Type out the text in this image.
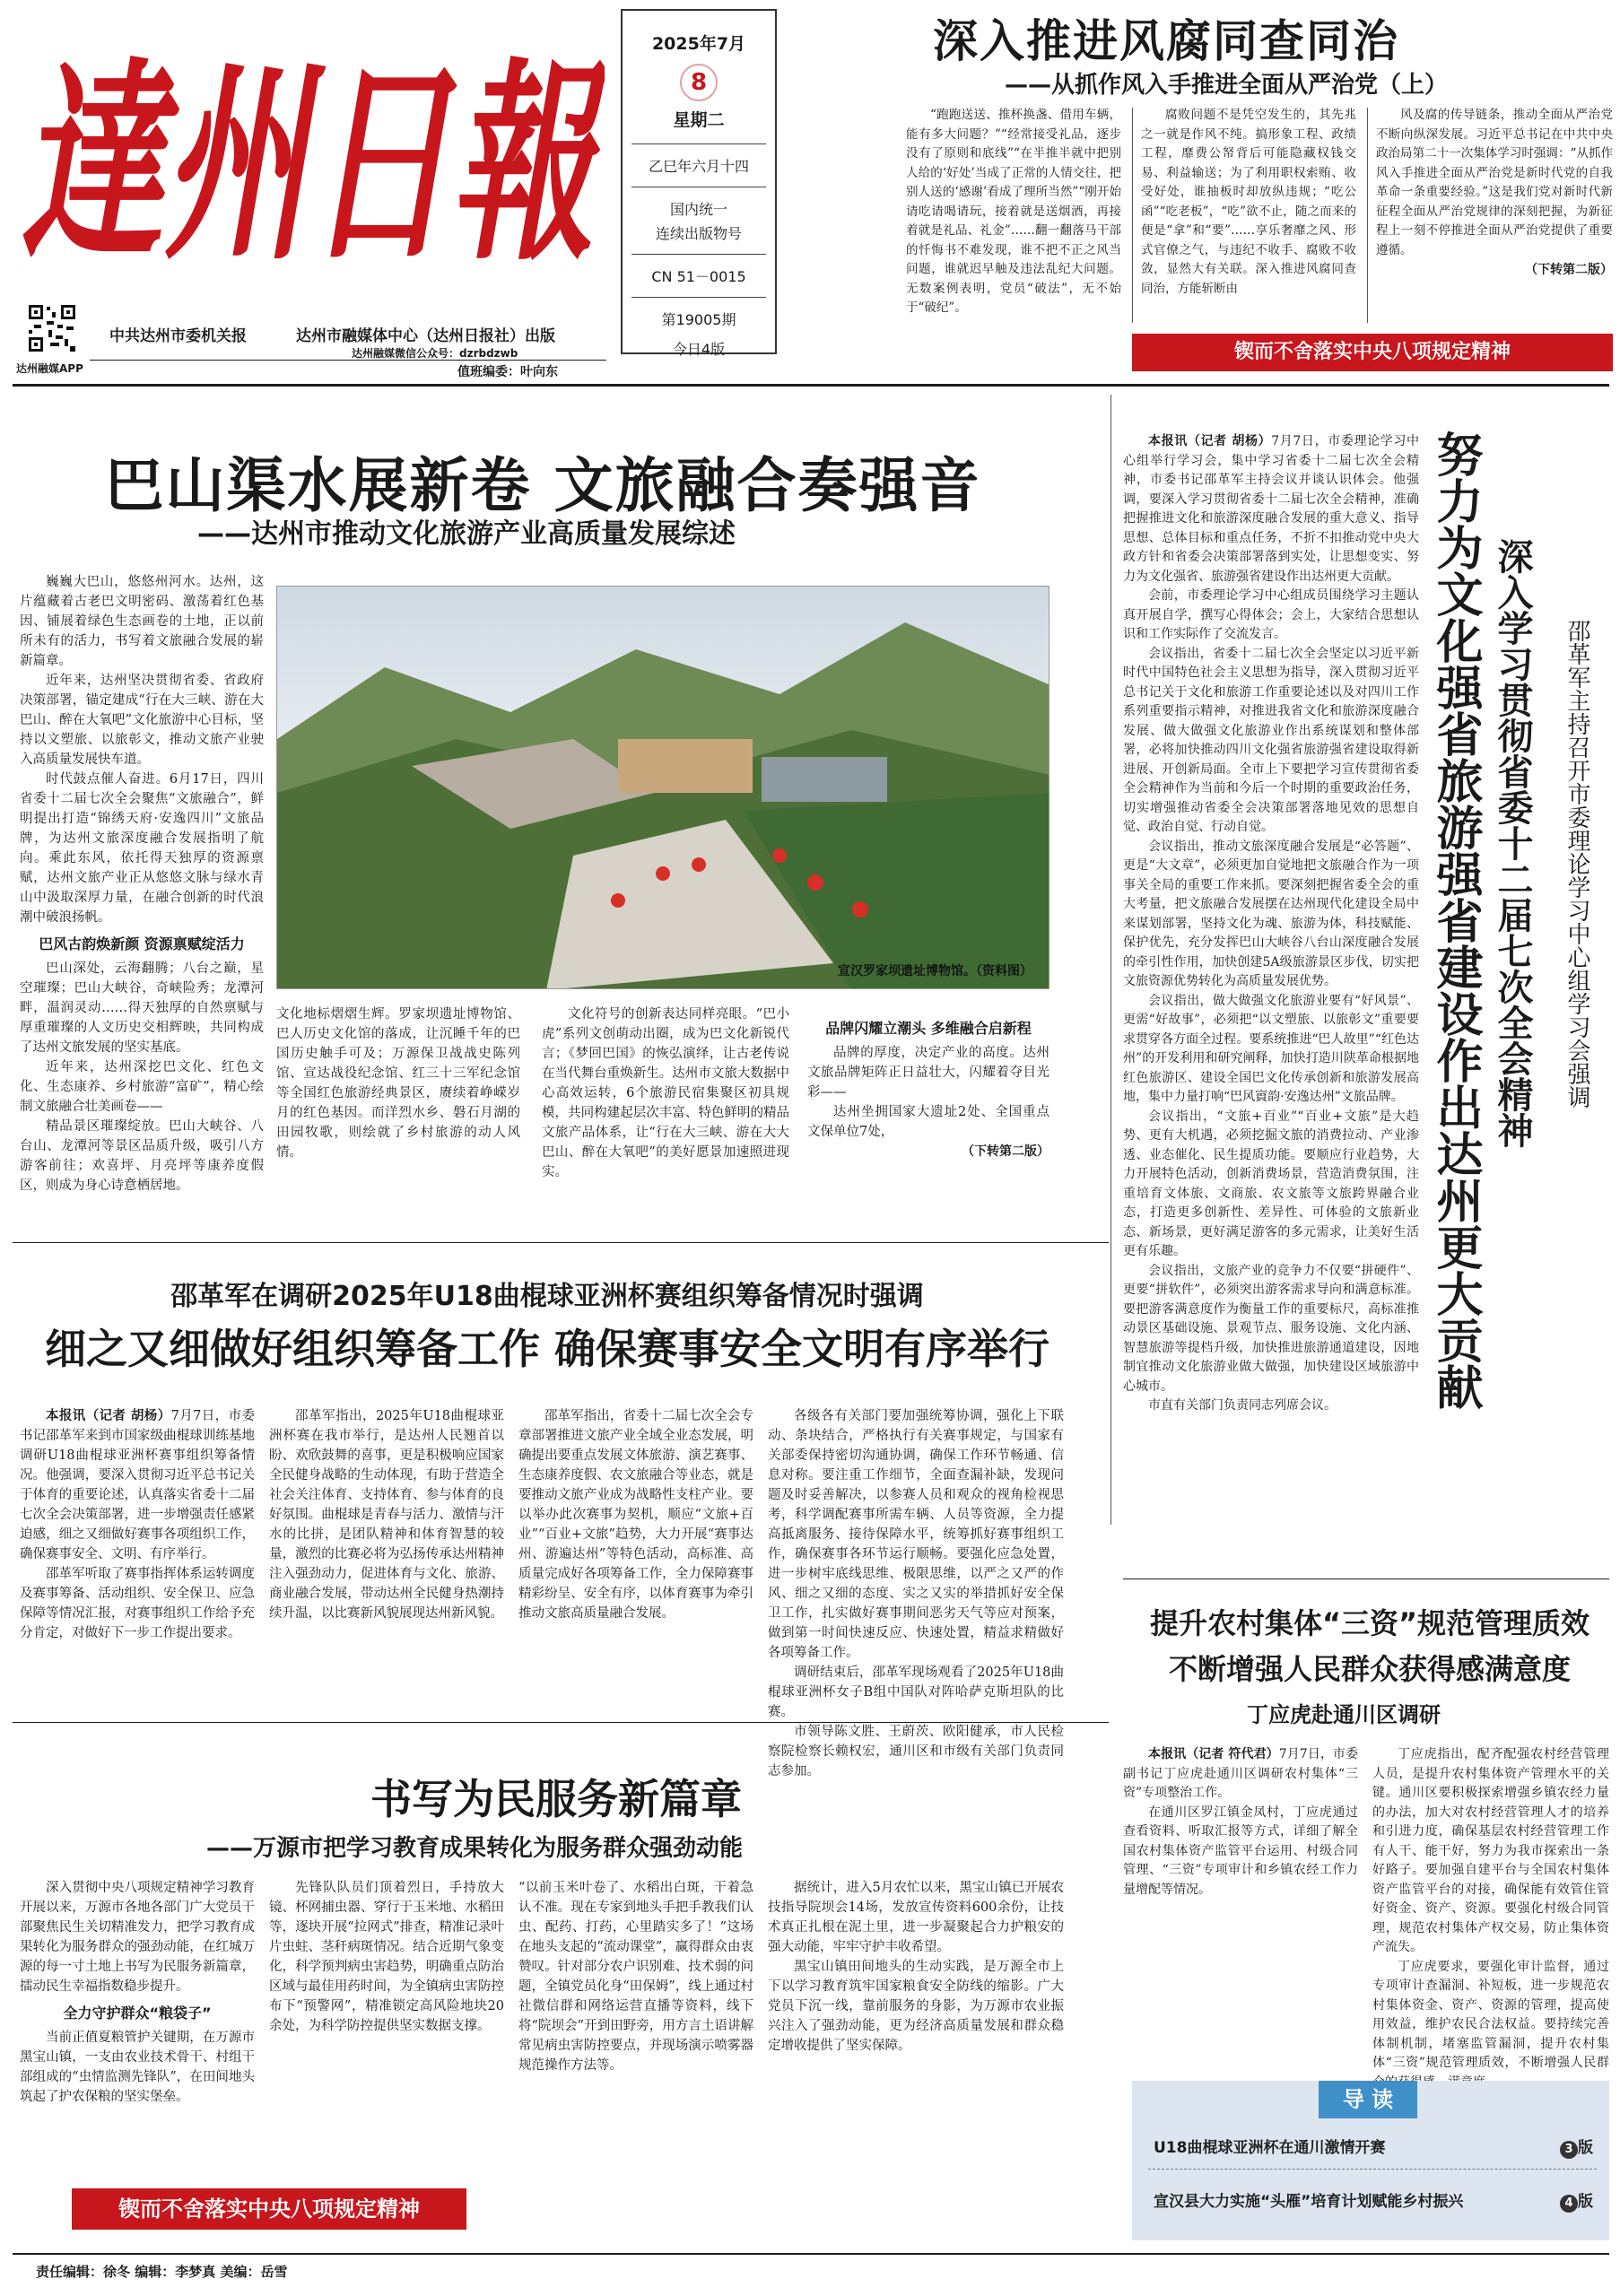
達州日報
达州融媒APP
中共达州市委机关报	达州市融媒体中心（达州日报社）出版
达州融媒微信公众号：dzrbdzwb
值班编委：叶向东
2025年7月
8
星期二
乙巳年六月十四
国内统一
连续出版物号
CN 51－0015
第19005期
今日4版
深入推进风腐同查同治
——从抓作风入手推进全面从严治党（上）

“跑跑送送、推杯换盏、借用车辆，能有多大问题？”“经常接受礼品，逐步没有了原则和底线”“在半推半就中把别人给的‘好处’当成了正常的人情交往，把别人送的‘感谢’看成了理所当然”“刚开始请吃请喝请玩，接着就是送烟酒，再接着就是礼品、礼金”……翻一翻落马干部的忏悔书不难发现，谁不把不正之风当问题，谁就迟早触及违法乱纪大问题。无数案例表明，党员“破法”，无不始于“破纪”。

腐败问题不是凭空发生的，其先兆之一就是作风不纯。搞形象工程、政绩工程，靡费公帑背后可能隐藏权钱交易、利益输送；为了利用职权索贿、收受好处，谁抽板时却放纵违规；“吃公函”“吃老板”，“吃”欲不止，随之而来的便是“拿”和“要”……享乐奢靡之风、形式官僚之气，与违纪不收手、腐败不收敛，显然大有关联。深入推进风腐同查同治，方能斩断由

风及腐的传导链条，推动全面从严治党不断向纵深发展。习近平总书记在中共中央政治局第二十一次集体学习时强调：“从抓作风入手推进全面从严治党是新时代党的自我革命一条重要经验。”这是我们党对新时代新征程全面从严治党规律的深刻把握，为新征程上一刻不停推进全面从严治党提供了重要遵循。

（下转第二版）
锲而不舍落实中央八项规定精神
巴山渠水展新卷 文旅融合奏强音
——达州市推动文化旅游产业高质量发展综述

巍巍大巴山，悠悠州河水。达州，这片蕴藏着古老巴文明密码、激荡着红色基因、铺展着绿色生态画卷的土地，正以前所未有的活力，书写着文旅融合发展的崭新篇章。

近年来，达州坚决贯彻省委、省政府决策部署，锚定建成“行在大三峡、游在大巴山、醉在大氧吧”文化旅游中心目标，坚持以文塑旅、以旅彰文，推动文旅产业驶入高质量发展快车道。

时代鼓点催人奋进。6月17日，四川省委十二届七次全会聚焦“文旅融合”，鲜明提出打造“锦绣天府·安逸四川”文旅品牌，为达州文旅深度融合发展指明了航向。乘此东风，依托得天独厚的资源禀赋，达州文旅产业正从悠悠文脉与绿水青山中汲取深厚力量，在融合创新的时代浪潮中破浪扬帆。

巴风古韵焕新颜 资源禀赋绽活力

巴山深处，云海翻腾；八台之巅，星空璀璨；巴山大峡谷，奇峡险秀；龙潭河畔，温润灵动……得天独厚的自然禀赋与厚重璀璨的人文历史交相辉映，共同构成了达州文旅发展的坚实基底。

近年来，达州深挖巴文化、红色文化、生态康养、乡村旅游“富矿”，精心绘制文旅融合壮美画卷——

精品景区璀璨绽放。巴山大峡谷、八台山、龙潭河等景区品质升级，吸引八方游客前往；欢喜坪、月亮坪等康养度假区，则成为身心诗意栖居地。

宣汉罗家坝遗址博物馆。（资料图）

文化地标熠熠生辉。罗家坝遗址博物馆、巴人历史文化馆的落成，让沉睡千年的巴国历史触手可及；万源保卫战战史陈列馆、宣达战役纪念馆、红三十三军纪念馆等全国红色旅游经典景区，赓续着峥嵘岁月的红色基因。而洋烈水乡、磐石月湖的田园牧歌，则绘就了乡村旅游的动人风情。

文化符号的创新表达同样亮眼。“巴小虎”系列文创萌动出圈，成为巴文化新锐代言；《梦回巴国》的恢弘演绎，让古老传说在当代舞台重焕新生。达州市文旅大数据中心高效运转，6个旅游民宿集聚区初具规模，共同构建起层次丰富、特色鲜明的精品文旅产品体系，让“行在大三峡、游在大大巴山、醉在大氧吧”的美好愿景加速照进现实。

品牌闪耀立潮头 多维融合启新程

品牌的厚度，决定产业的高度。达州文旅品牌矩阵正日益壮大，闪耀着夺目光彩——

达州坐拥国家大遗址2处、全国重点文保单位7处，

（下转第二版）

本报讯（记者 胡杨）7月7日，市委理论学习中心组举行学习会，集中学习省委十二届七次全会精神，市委书记邵革军主持会议并谈认识体会。他强调，要深入学习贯彻省委十二届七次全会精神，准确把握推进文化和旅游深度融合发展的重大意义、指导思想、总体目标和重点任务，不折不扣推动党中央大政方针和省委会决策部署落到实处，让思想变实、努力为文化强省、旅游强省建设作出达州更大贡献。

会前，市委理论学习中心组成员围绕学习主题认真开展自学，撰写心得体会；会上，大家结合思想认识和工作实际作了交流发言。

会议指出，省委十二届七次全会坚定以习近平新时代中国特色社会主义思想为指导，深入贯彻习近平总书记关于文化和旅游工作重要论述以及对四川工作系列重要指示精神，对推进我省文化和旅游深度融合发展、做大做强文化旅游业作出系统谋划和整体部署，必将加快推动四川文化强省旅游强省建设取得新进展、开创新局面。全市上下要把学习宣传贯彻省委全会精神作为当前和今后一个时期的重要政治任务，切实增强推动省委全会决策部署落地见效的思想自觉、政治自觉、行动自觉。

会议指出，推动文旅深度融合发展是“必答题”、更是“大文章”，必须更加自觉地把文旅融合作为一项事关全局的重要工作来抓。要深刻把握省委全会的重大考量，把文旅融合发展摆在达州现代化建设全局中来谋划部署，坚持文化为魂、旅游为体，科技赋能、保护优先，充分发挥巴山大峡谷八台山深度融合发展的牵引性作用，加快创建5A级旅游景区步伐，切实把文旅资源优势转化为高质量发展优势。

会议指出，做大做强文化旅游业要有“好风景”、更需“好故事”，必须把“以文塑旅、以旅彰文”重要要求贯穿各方面全过程。要系统推进“巴人故里”“红色达州”的开发利用和研究阐释，加快打造川陕革命根据地红色旅游区、建设全国巴文化传承创新和旅游发展高地，集中力量打响“巴风賨韵·安逸达州”文旅品牌。

会议指出，“文旅+百业”“百业+文旅”是大趋势、更有大机遇，必须挖掘文旅的消费拉动、产业渗透、业态催化、民生提质功能。要顺应行业趋势，大力开展特色活动，创新消费场景，营造消费氛围，注重培育文体旅、文商旅、农文旅等文旅跨界融合业态，打造更多创新性、差异性、可体验的文旅新业态、新场景，更好满足游客的多元需求，让美好生活更有乐趣。

会议指出，文旅产业的竞争力不仅要“拼硬件”、更要“拼软件”，必须突出游客需求导向和满意标准。要把游客满意度作为衡量工作的重要标尺，高标准推动景区基础设施、景观节点、服务设施、文化内涵、智慧旅游等提档升级，加快推进旅游通道建设，因地制宜推动文化旅游业做大做强，加快建设区域旅游中心城市。

市直有关部门负责同志列席会议。	努力为文化强省旅游强省建设作出达州更大贡献 深入学习贯彻省委十二届七次全会精神 邵革军主持召开市委理论学习中心组学习会强调
邵革军在调研2025年U18曲棍球亚洲杯赛组织筹备情况时强调
细之又细做好组织筹备工作 确保赛事安全文明有序举行

本报讯（记者 胡杨）7月7日，市委书记邵革军来到市国家级曲棍球训练基地调研U18曲棍球亚洲杯赛事组织筹备情况。他强调，要深入贯彻习近平总书记关于体育的重要论述，认真落实省委十二届七次全会决策部署，进一步增强责任感紧迫感，细之又细做好赛事各项组织工作，确保赛事安全、文明、有序举行。

邵革军听取了赛事指挥体系运转调度及赛事筹备、活动组织、安全保卫、应急保障等情况汇报，对赛事组织工作给予充分肯定，对做好下一步工作提出要求。

邵革军指出，2025年U18曲棍球亚洲杯赛在我市举行，是达州人民翘首以盼、欢欣鼓舞的喜事，更是积极响应国家全民健身战略的生动体现，有助于营造全社会关注体育、支持体育、参与体育的良好氛围。曲棍球是青春与活力、激情与汗水的比拼，是团队精神和体育智慧的较量，激烈的比赛必将为弘扬传承达州精神注入强劲动力，促进体育与文化、旅游、商业融合发展，带动达州全民健身热潮持续升温，以比赛新风貌展现达州新风貌。

邵革军指出，省委十二届七次全会专章部署推进文旅产业全域全业态发展，明确提出要重点发展文体旅游、演艺赛事、生态康养度假、农文旅融合等业态，就是要推动文旅产业成为战略性支柱产业。要以举办此次赛事为契机，顺应“文旅+百业”“百业+文旅”趋势，大力开展“赛事达州、游遍达州”等特色活动，高标准、高质量完成好各项筹备工作，全力保障赛事精彩纷呈、安全有序，以体育赛事为牵引推动文旅高质量融合发展。

各级各有关部门要加强统筹协调，强化上下联动、条块结合，严格执行有关赛事规定，与国家有关部委保持密切沟通协调，确保工作环节畅通、信息对称。要注重工作细节，全面查漏补缺，发现问题及时妥善解决，以参赛人员和观众的视角检视思考，科学调配赛事所需车辆、人员等资源，全力提高抵离服务、接待保障水平，统筹抓好赛事组织工作，确保赛事各环节运行顺畅。要强化应急处置，进一步树牢底线思维、极限思维，以严之又严的作风、细之又细的态度、实之又实的举措抓好安全保卫工作，扎实做好赛事期间恶劣天气等应对预案，做到第一时间快速反应、快速处置，精益求精做好各项筹备工作。

调研结束后，邵革军现场观看了2025年U18曲棍球亚洲杯女子B组中国队对阵哈萨克斯坦队的比赛。

市领导陈文胜、王蔚茨、欧阳健承，市人民检察院检察长赖权宏，通川区和市级有关部门负责同志参加。

书写为民服务新篇章
——万源市把学习教育成果转化为服务群众强劲动能

深入贯彻中央八项规定精神学习教育开展以来，万源市各地各部门广大党员干部聚焦民生关切精准发力，把学习教育成果转化为服务群众的强劲动能，在红城万源的每一寸土地上书写为民服务新篇章，擂动民生幸福指数稳步提升。

全力守护群众“粮袋子”

当前正值夏粮管护关键期，在万源市黑宝山镇，一支由农业技术骨干、村组干部组成的“虫情监测先锋队”，在田间地头筑起了护农保粮的坚实堡垒。

先锋队队员们顶着烈日，手持放大镜、杯网捕虫器、穿行于玉米地、水稻田等，逐块开展“拉网式”排查，精准记录叶片虫蛀、茎秆病斑情况。结合近期气象变化，科学预判病虫害趋势，明确重点防治区域与最佳用药时间，为全镇病虫害防控布下“预警网”，精准锁定高风险地块20余处，为科学防控提供坚实数据支撑。

“以前玉米叶卷了、水稻出白斑，干着急认不准。现在专家到地头手把手教我们认虫、配药、打药，心里踏实多了！”这场在地头支起的“流动课堂”，赢得群众由衷赞叹。针对部分农户识别难、技术弱的问题，全镇党员化身“田保姆”，线上通过村社微信群和网络运营直播等资料，线下将“院坝会”开到田野旁，用方言土语讲解常见病虫害防控要点，并现场演示喷雾器规范操作方法等。

据统计，进入5月农忙以来，黑宝山镇已开展农技指导院坝会14场，发放宣传资料600余份，让技术真正扎根在泥土里，进一步凝聚起合力护粮安的强大动能，牢牢守护丰收希望。

黑宝山镇田间地头的生动实践，是万源全市上下以学习教育筑牢国家粮食安全防线的缩影。广大党员下沉一线，靠前服务的身影，为万源市农业振兴注入了强劲动能，更为经济高质量发展和群众稳定增收提供了坚实保障。

锲而不舍落实中央八项规定精神
提升农村集体“三资”规范管理质效
不断增强人民群众获得感满意度
丁应虎赴通川区调研

本报讯（记者 符代君）7月7日，市委副书记丁应虎赴通川区调研农村集体“三资”专项整治工作。

在通川区罗江镇金凤村，丁应虎通过查看资料、听取汇报等方式，详细了解全国农村集体资产监管平台运用、村级合同管理、“三资”专项审计和乡镇农经工作力量增配等情况。

丁应虎指出，配齐配强农村经营管理人员，是提升农村集体资产管理水平的关键。通川区要积极探索增强乡镇农经力量的办法，加大对农村经营管理人才的培养和引进力度，确保基层农村经营管理工作有人干、能干好，努力为我市探索出一条好路子。要加强自建平台与全国农村集体资产监管平台的对接，确保能有效管住管好资金、资产、资源。要强化村级合同管理，规范农村集体产权交易，防止集体资产流失。

丁应虎要求，要强化审计监督，通过专项审计查漏洞、补短板，进一步规范农村集体资金、资产、资源的管理，提高使用效益，维护农民合法权益。要持续完善体制机制，堵塞监管漏洞，提升农村集体“三资”规范管理质效，不断增强人民群

导 读
U18曲棍球亚洲杯在通川激情开赛	3 版
宣汉县大力实施“头雁”培育计划赋能乡村振兴	4 版
责任编辑：徐冬 编辑：李梦真 美编：岳雪
